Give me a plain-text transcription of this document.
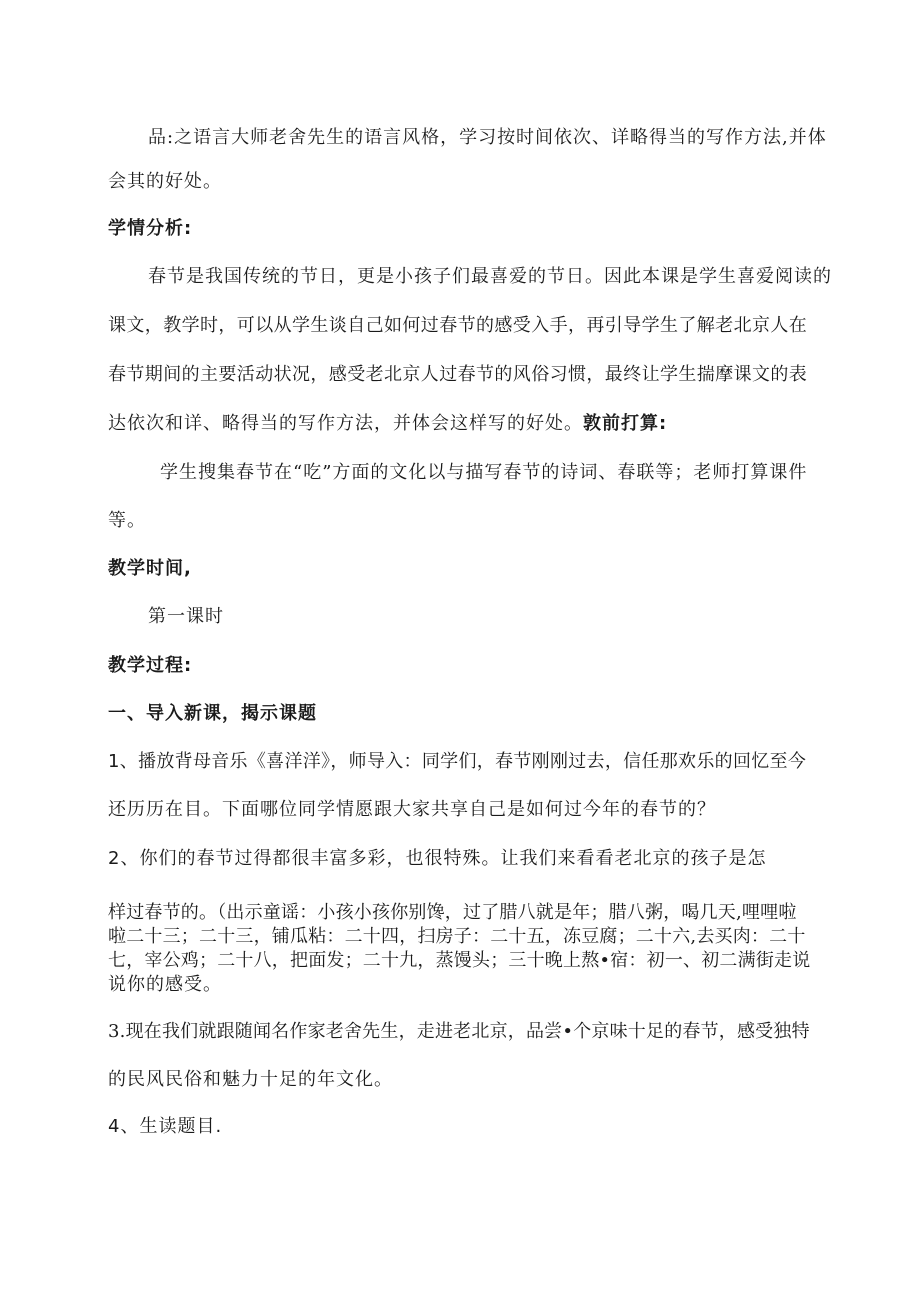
品:之语言大师老舍先生的语言风格，学习按时间依次、详略得当的写作方法,并体
会其的好处。
学情分析:
春节是我国传统的节日，更是小孩子们最喜爱的节日。因此本课是学生喜爱阅读的
课文，教学时，可以从学生谈自己如何过春节的感受入手，再引导学生了解老北京人在
春节期间的主要活动状况，感受老北京人过春节的风俗习惯，最终让学生揣摩课文的表
达依次和详、略得当的写作方法，并体会这样写的好处。敦前打算:
学生搜集春节在“吃”方面的文化以与描写春节的诗词、春联等；老师打算课件
等。
教学时间,
第一课时
教学过程:
一、导入新课，揭示课题
1、播放背母音乐《喜洋洋》，师导入：同学们，春节刚刚过去，信任那欢乐的回忆至今
还历历在目。下面哪位同学情愿跟大家共享自己是如何过今年的春节的？
2、你们的春节过得都很丰富多彩，也很特殊。让我们来看看老北京的孩子是怎
样过春节的。（出示童谣：小孩小孩你别馋，过了腊八就是年；腊八粥，喝几天,哩哩啦
啦二十三；二十三，铺瓜粘：二十四，扫房子：二十五，冻豆腐；二十六,去买肉：二十
七，宰公鸡；二十八，把面发；二十九，蒸馒头；三十晚上熬•宿：初一、初二满街走说
说你的感受。
3.现在我们就跟随闻名作家老舍先生，走进老北京，品尝•个京味十足的春节，感受独特
的民风民俗和魅力十足的年文化。
4、生读题目.
